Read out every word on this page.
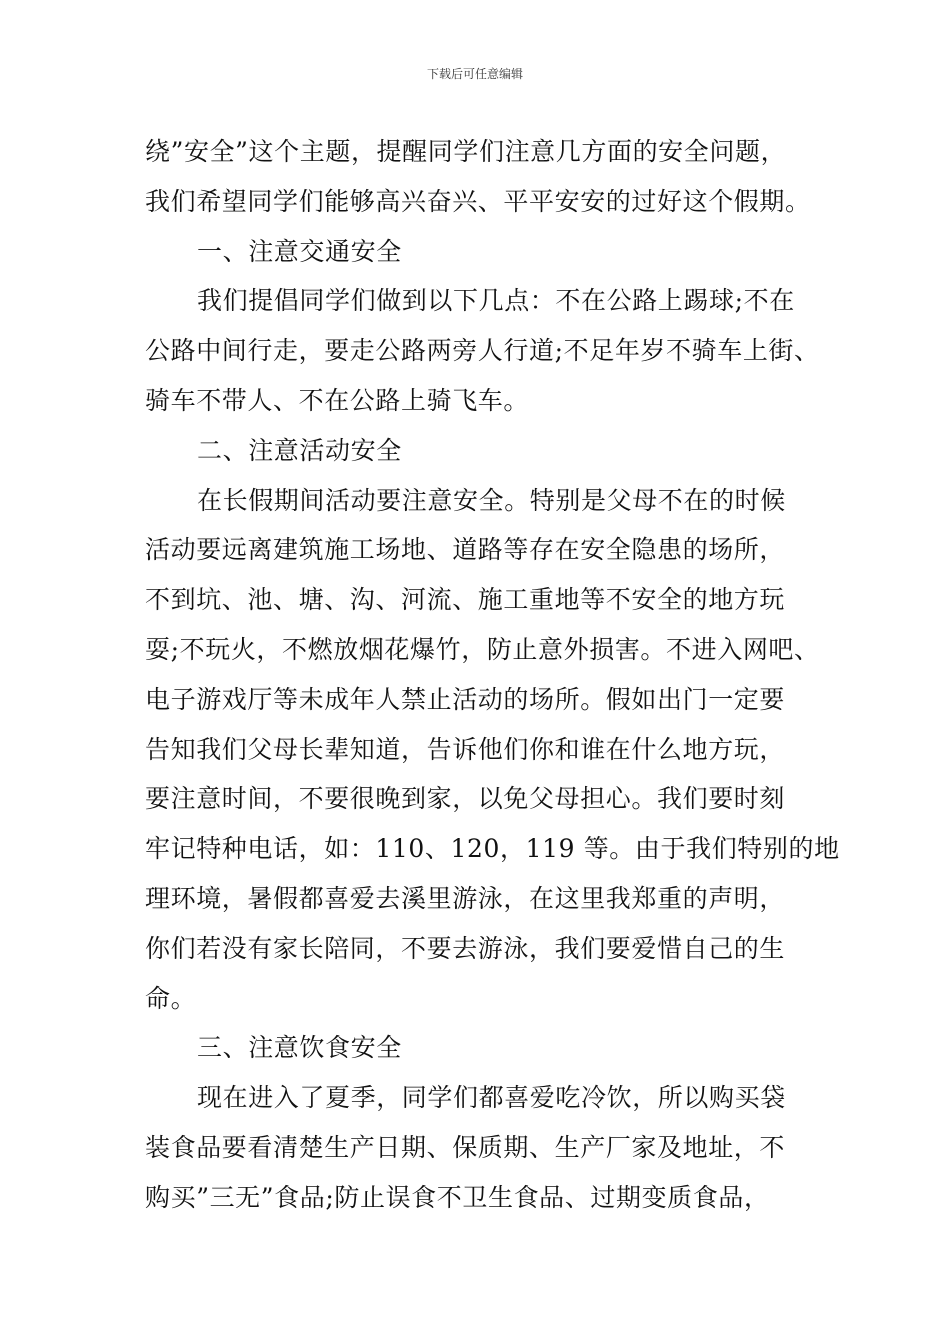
下载后可任意编辑
绕”安全”这个主题，提醒同学们注意几方面的安全问题，
我们希望同学们能够高兴奋兴、平平安安的过好这个假期。
一、注意交通安全
我们提倡同学们做到以下几点：不在公路上踢球;不在
公路中间行走，要走公路两旁人行道;不足年岁不骑车上街、
骑车不带人、不在公路上骑飞车。
二、注意活动安全
在长假期间活动要注意安全。特别是父母不在的时候
活动要远离建筑施工场地、道路等存在安全隐患的场所，
不到坑、池、塘、沟、河流、施工重地等不安全的地方玩
耍;不玩火，不燃放烟花爆竹，防止意外损害。不进入网吧、
电子游戏厅等未成年人禁止活动的场所。假如出门一定要
告知我们父母长辈知道，告诉他们你和谁在什么地方玩，
要注意时间，不要很晚到家，以免父母担心。我们要时刻
牢记特种电话，如：110、120，119 等。由于我们特别的地
理环境，暑假都喜爱去溪里游泳，在这里我郑重的声明，
你们若没有家长陪同，不要去游泳，我们要爱惜自己的生
命。
三、注意饮食安全
现在进入了夏季，同学们都喜爱吃冷饮，所以购买袋
装食品要看清楚生产日期、保质期、生产厂家及地址，不
购买”三无”食品;防止误食不卫生食品、过期变质食品，
